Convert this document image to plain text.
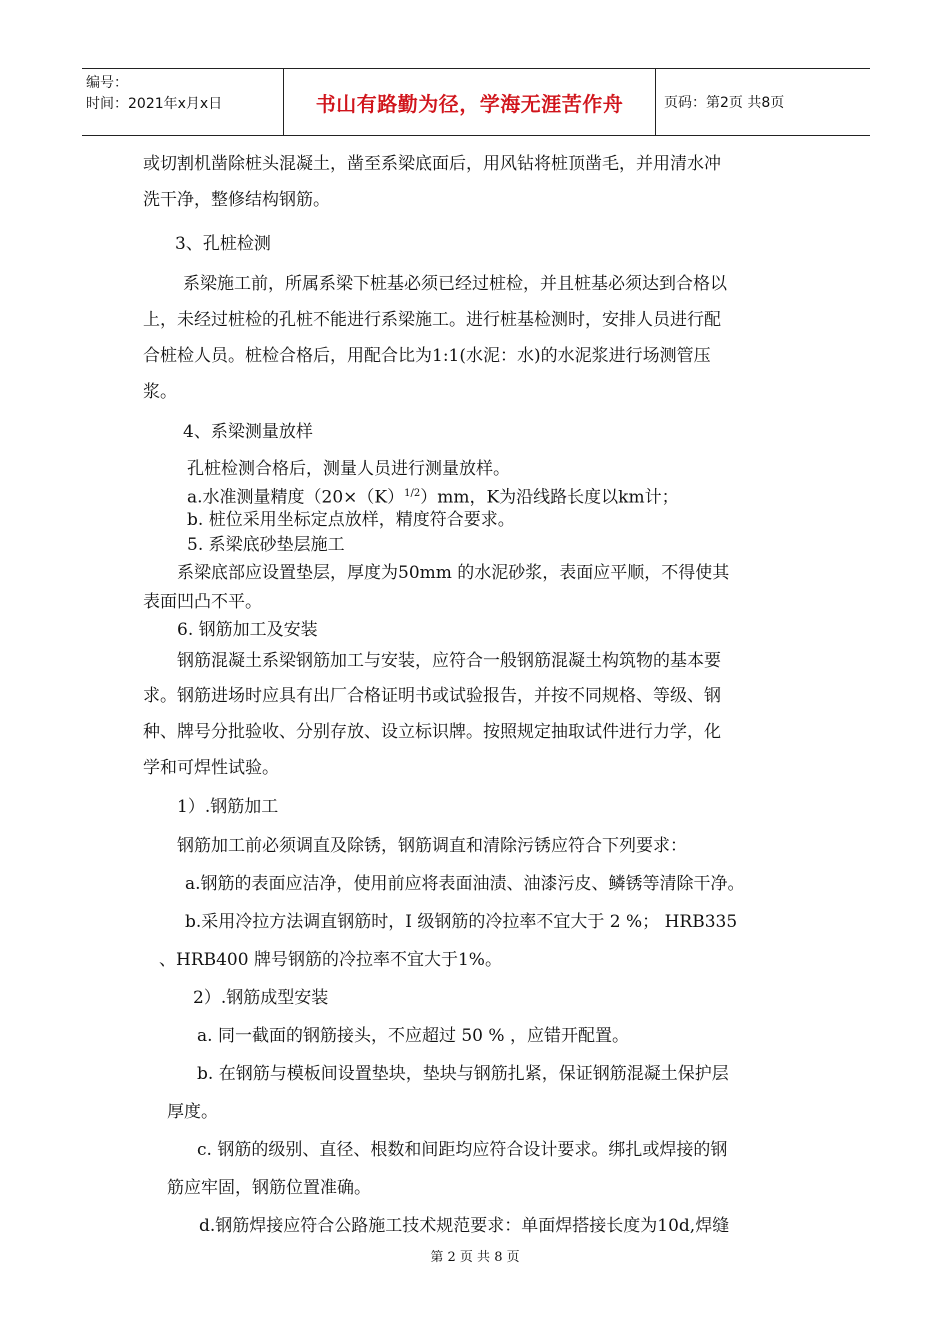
编号：
时间：2021年x月x日	书山有路勤为径，学海无涯苦作舟	页码：第2页 共8页

或切割机凿除桩头混凝土，凿至系梁底面后，用风钻将桩顶凿毛，并用清水冲

洗干净，整修结构钢筋。

3、孔桩检测

系梁施工前，所属系梁下桩基必须已经过桩检，并且桩基必须达到合格以

上，未经过桩检的孔桩不能进行系梁施工。进行桩基检测时，安排人员进行配

合桩检人员。桩检合格后，用配合比为1:1(水泥：水)的水泥浆进行场测管压

浆。

4、系梁测量放样

孔桩检测合格后，测量人员进行测量放样。

a.水准测量精度$(20\times(K)^{1/2})mm$，K为沿线路长度以km计；

b. 桩位采用坐标定点放样，精度符合要求。

5. 系梁底砂垫层施工

系梁底部应设置垫层，厚度为50mm 的水泥砂浆，表面应平顺，不得使其

表面凹凸不平。

6. 钢筋加工及安装

钢筋混凝土系梁钢筋加工与安装，应符合一般钢筋混凝土构筑物的基本要

求。钢筋进场时应具有出厂合格证明书或试验报告，并按不同规格、等级、钢

种、牌号分批验收、分别存放、设立标识牌。按照规定抽取试件进行力学，化

学和可焊性试验。

1）.钢筋加工

钢筋加工前必须调直及除锈，钢筋调直和清除污锈应符合下列要求：

a.钢筋的表面应洁净，使用前应将表面油渍、油漆污皮、鳞锈等清除干净。

b.采用冷拉方法调直钢筋时，I 级钢筋的冷拉率不宜大于 2 %； HRB335

、HRB400 牌号钢筋的冷拉率不宜大于1%。

2）.钢筋成型安装

a. 同一截面的钢筋接头，不应超过 50 % ，应错开配置。

b. 在钢筋与模板间设置垫块，垫块与钢筋扎紧，保证钢筋混凝土保护层

厚度。

c. 钢筋的级别、直径、根数和间距均应符合设计要求。绑扎或焊接的钢

筋应牢固，钢筋位置准确。

d.钢筋焊接应符合公路施工技术规范要求：单面焊搭接长度为10d,焊缝

第 2 页 共 8 页
